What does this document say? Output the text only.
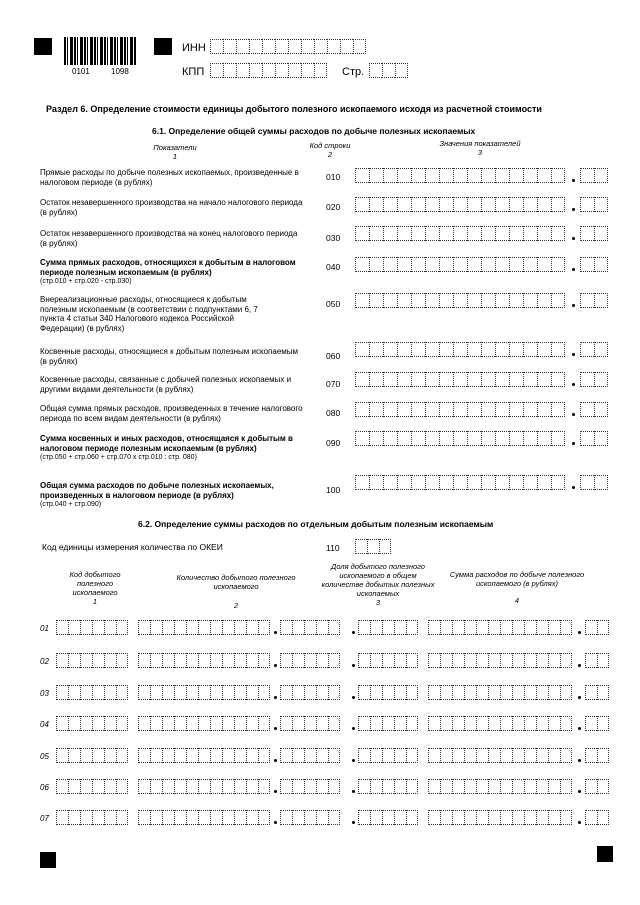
0101	1098
ИНН
КПП	Стр.
Раздел 6. Определение стоимости единицы добытого полезного ископаемого исходя из расчетной стоимости
6.1. Определение общей суммы расходов по добыче полезных ископаемых
Показатели
1
Код строки
2
Значения показателей
3
Прямые расходы по добыче полезных ископаемых, произведенные в налоговом периоде (в рублях)	010
Остаток незавершенного производства на начало налогового периода (в рублях)	020
Остаток незавершенного производства на конец налогового периода (в рублях)	030
Сумма прямых расходов, относящихся к добытым в налоговом периоде полезным ископаемым (в рублях)
(стр.010 + стр.020 - стр.030)
040
Внереализационные расходы, относящиеся к добытым полезным ископаемым (в соответствии с подпунктами 6, 7 пункта 4 статьи 340 Налогового кодекса Российской Федерации) (в рублях)
050
Косвенные расходы, относящиеся к добытым полезным ископаемым (в рублях)	060
Косвенные расходы, связанные с добычей полезных ископаемых и другими видами деятельности (в рублях)	070
Общая сумма прямых расходов, произведенных в течение налогового периода по всем видам деятельности (в рублях)	080
Сумма косвенных и иных расходов, относящаяся к добытым в налоговом периоде полезным ископаемым (в рублях)
(стр.050 + стр.060 + стр.070 x стр.010 : стр. 080)
090
Общая сумма расходов по добыче полезных ископаемых, произведенных в налоговом периоде (в рублях)
(стр.040 + стр.090)
100
6.2. Определение суммы расходов по отдельным добытым полезным ископаемым
Код единицы измерения количества по ОКЕИ	110
Код добытого полезного ископаемого
1
Количество добытого полезного ископаемого
2
Доля добытого полезного ископаемого в общем количестве добытых полезных ископаемых
3
Сумма расходов по добыче полезного ископаемого (в рублях)
4
01
02
03
04
05
06
07
